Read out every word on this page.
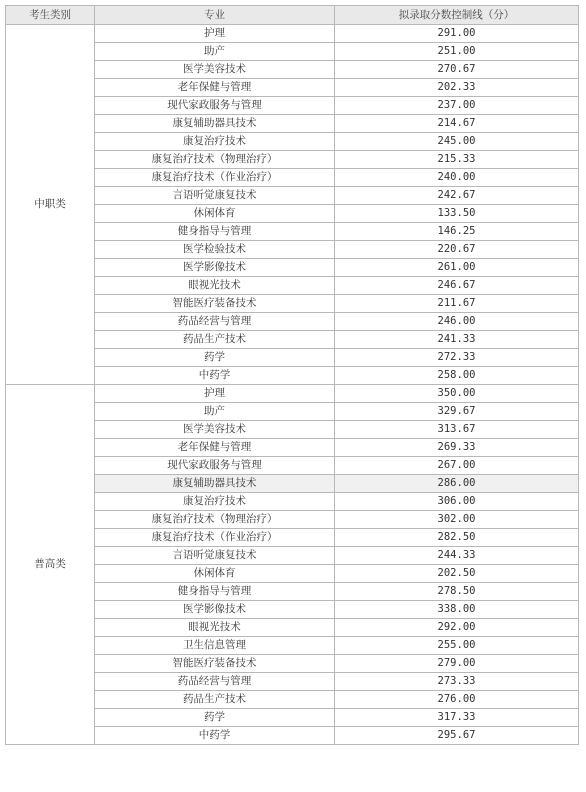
考生类别	专业	拟录取分数控制线（分）
中职类	护理	291.00
	助产	251.00
	医学美容技术	270.67
	老年保健与管理	202.33
	现代家政服务与管理	237.00
	康复辅助器具技术	214.67
	康复治疗技术	245.00
	康复治疗技术（物理治疗）	215.33
	康复治疗技术（作业治疗）	240.00
	言语听觉康复技术	242.67
	休闲体育	133.50
	健身指导与管理	146.25
	医学检验技术	220.67
	医学影像技术	261.00
	眼视光技术	246.67
	智能医疗装备技术	211.67
	药品经营与管理	246.00
	药品生产技术	241.33
	药学	272.33
	中药学	258.00
普高类	护理	350.00
	助产	329.67
	医学美容技术	313.67
	老年保健与管理	269.33
	现代家政服务与管理	267.00
	康复辅助器具技术	286.00
	康复治疗技术	306.00
	康复治疗技术（物理治疗）	302.00
	康复治疗技术（作业治疗）	282.50
	言语听觉康复技术	244.33
	休闲体育	202.50
	健身指导与管理	278.50
	医学影像技术	338.00
	眼视光技术	292.00
	卫生信息管理	255.00
	智能医疗装备技术	279.00
	药品经营与管理	273.33
	药品生产技术	276.00
	药学	317.33
	中药学	295.67
